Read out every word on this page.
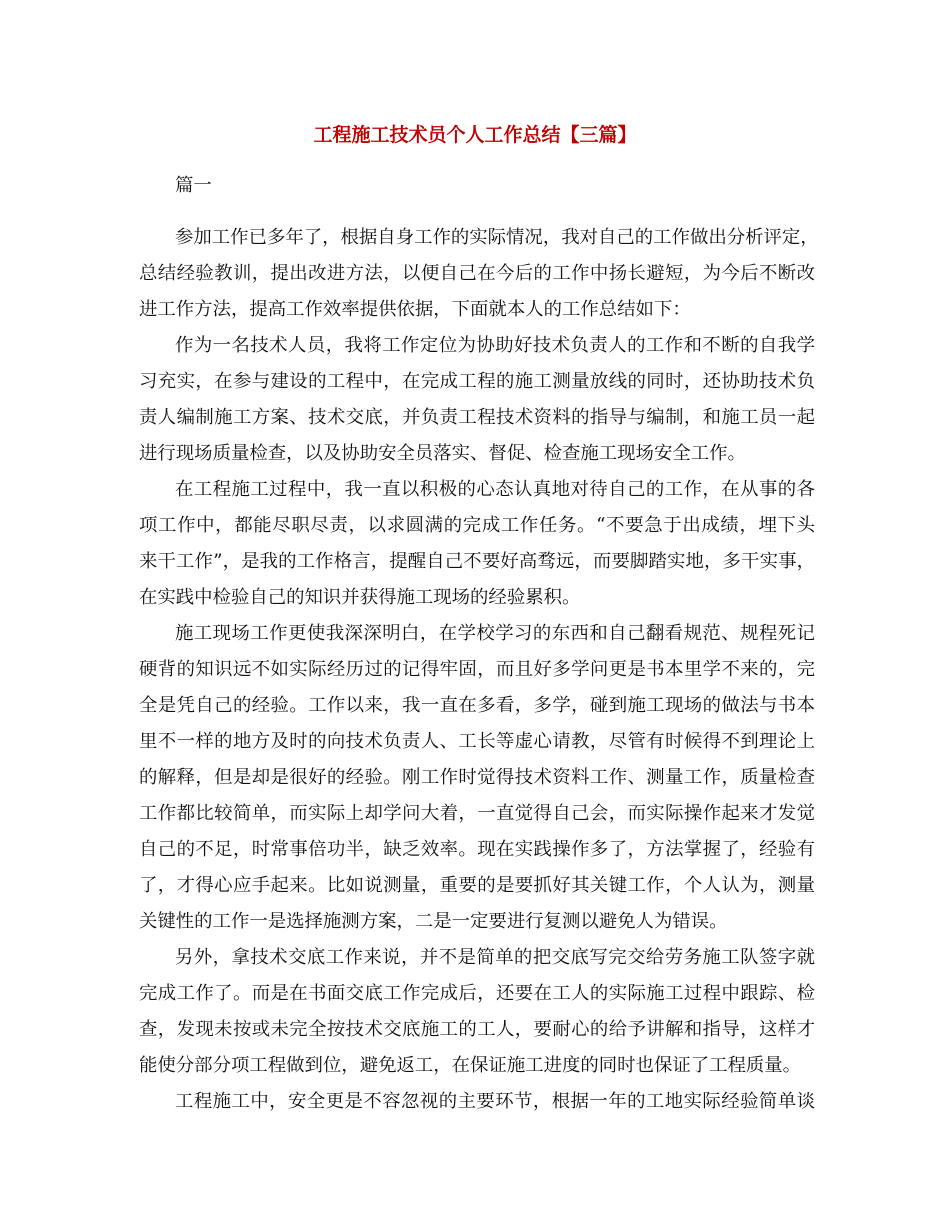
工程施工技术员个人工作总结【三篇】
篇一
参加工作已多年了，根据自身工作的实际情况，我对自己的工作做出分析评定，
总结经验教训，提出改进方法，以便自己在今后的工作中扬长避短，为今后不断改
进工作方法，提高工作效率提供依据，下面就本人的工作总结如下：
作为一名技术人员，我将工作定位为协助好技术负责人的工作和不断的自我学
习充实，在参与建设的工程中，在完成工程的施工测量放线的同时，还协助技术负
责人编制施工方案、技术交底，并负责工程技术资料的指导与编制，和施工员一起
进行现场质量检查，以及协助安全员落实、督促、检查施工现场安全工作。
在工程施工过程中，我一直以积极的心态认真地对待自己的工作，在从事的各
项工作中，都能尽职尽责，以求圆满的完成工作任务。“不要急于出成绩，埋下头
来干工作”，是我的工作格言，提醒自己不要好高骛远，而要脚踏实地，多干实事，
在实践中检验自己的知识并获得施工现场的经验累积。
施工现场工作更使我深深明白，在学校学习的东西和自己翻看规范、规程死记
硬背的知识远不如实际经历过的记得牢固，而且好多学问更是书本里学不来的，完
全是凭自己的经验。工作以来，我一直在多看，多学，碰到施工现场的做法与书本
里不一样的地方及时的向技术负责人、工长等虚心请教，尽管有时候得不到理论上
的解释，但是却是很好的经验。刚工作时觉得技术资料工作、测量工作，质量检查
工作都比较简单，而实际上却学问大着，一直觉得自己会，而实际操作起来才发觉
自己的不足，时常事倍功半，缺乏效率。现在实践操作多了，方法掌握了，经验有
了，才得心应手起来。比如说测量，重要的是要抓好其关键工作，个人认为，测量
关键性的工作一是选择施测方案，二是一定要进行复测以避免人为错误。
另外，拿技术交底工作来说，并不是简单的把交底写完交给劳务施工队签字就
完成工作了。而是在书面交底工作完成后，还要在工人的实际施工过程中跟踪、检
查，发现未按或未完全按技术交底施工的工人，要耐心的给予讲解和指导，这样才
能使分部分项工程做到位，避免返工，在保证施工进度的同时也保证了工程质量。
工程施工中，安全更是不容忽视的主要环节，根据一年的工地实际经验简单谈
